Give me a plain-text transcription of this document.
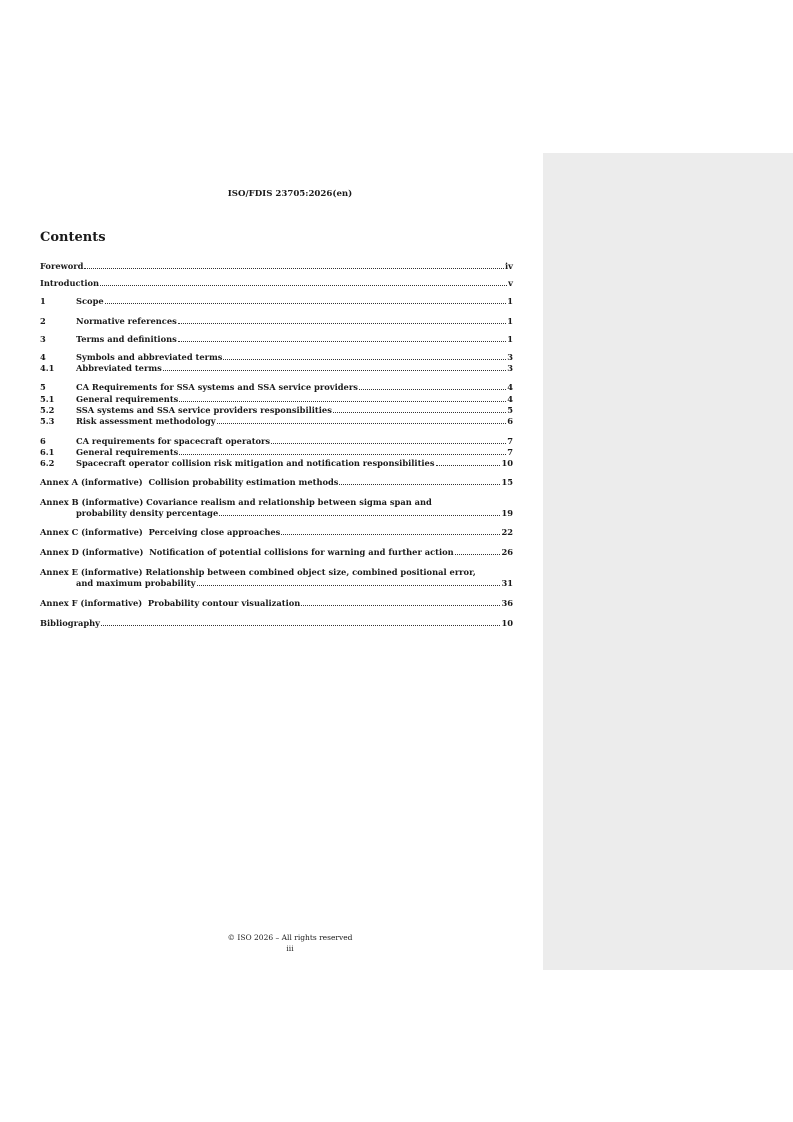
ISO/FDIS 23705:2026(en)
Contents
Foreword	iv
Introduction	v
1	Scope	1
2	Normative references	1
3	Terms and definitions	1
4	Symbols and abbreviated terms	3
4.1	Abbreviated terms	3
5	CA Requirements for SSA systems and SSA service providers	4
5.1	General requirements	4
5.2	SSA systems and SSA service providers responsibilities	5
5.3	Risk assessment methodology	6
6	CA requirements for spacecraft operators	7
6.1	General requirements	7
6.2	Spacecraft operator collision risk mitigation and notification responsibilities	10
Annex A (informative)  Collision probability estimation methods	15
Annex B (informative) Covariance realism and relationship between sigma span and
probability density percentage	19
Annex C (informative)  Perceiving close approaches	22
Annex D (informative)  Notification of potential collisions for warning and further action	26
Annex E (informative) Relationship between combined object size, combined positional error,
and maximum probability	31
Annex F (informative)  Probability contour visualization	36
Bibliography	10
© ISO 2026 – All rights reserved
iii
